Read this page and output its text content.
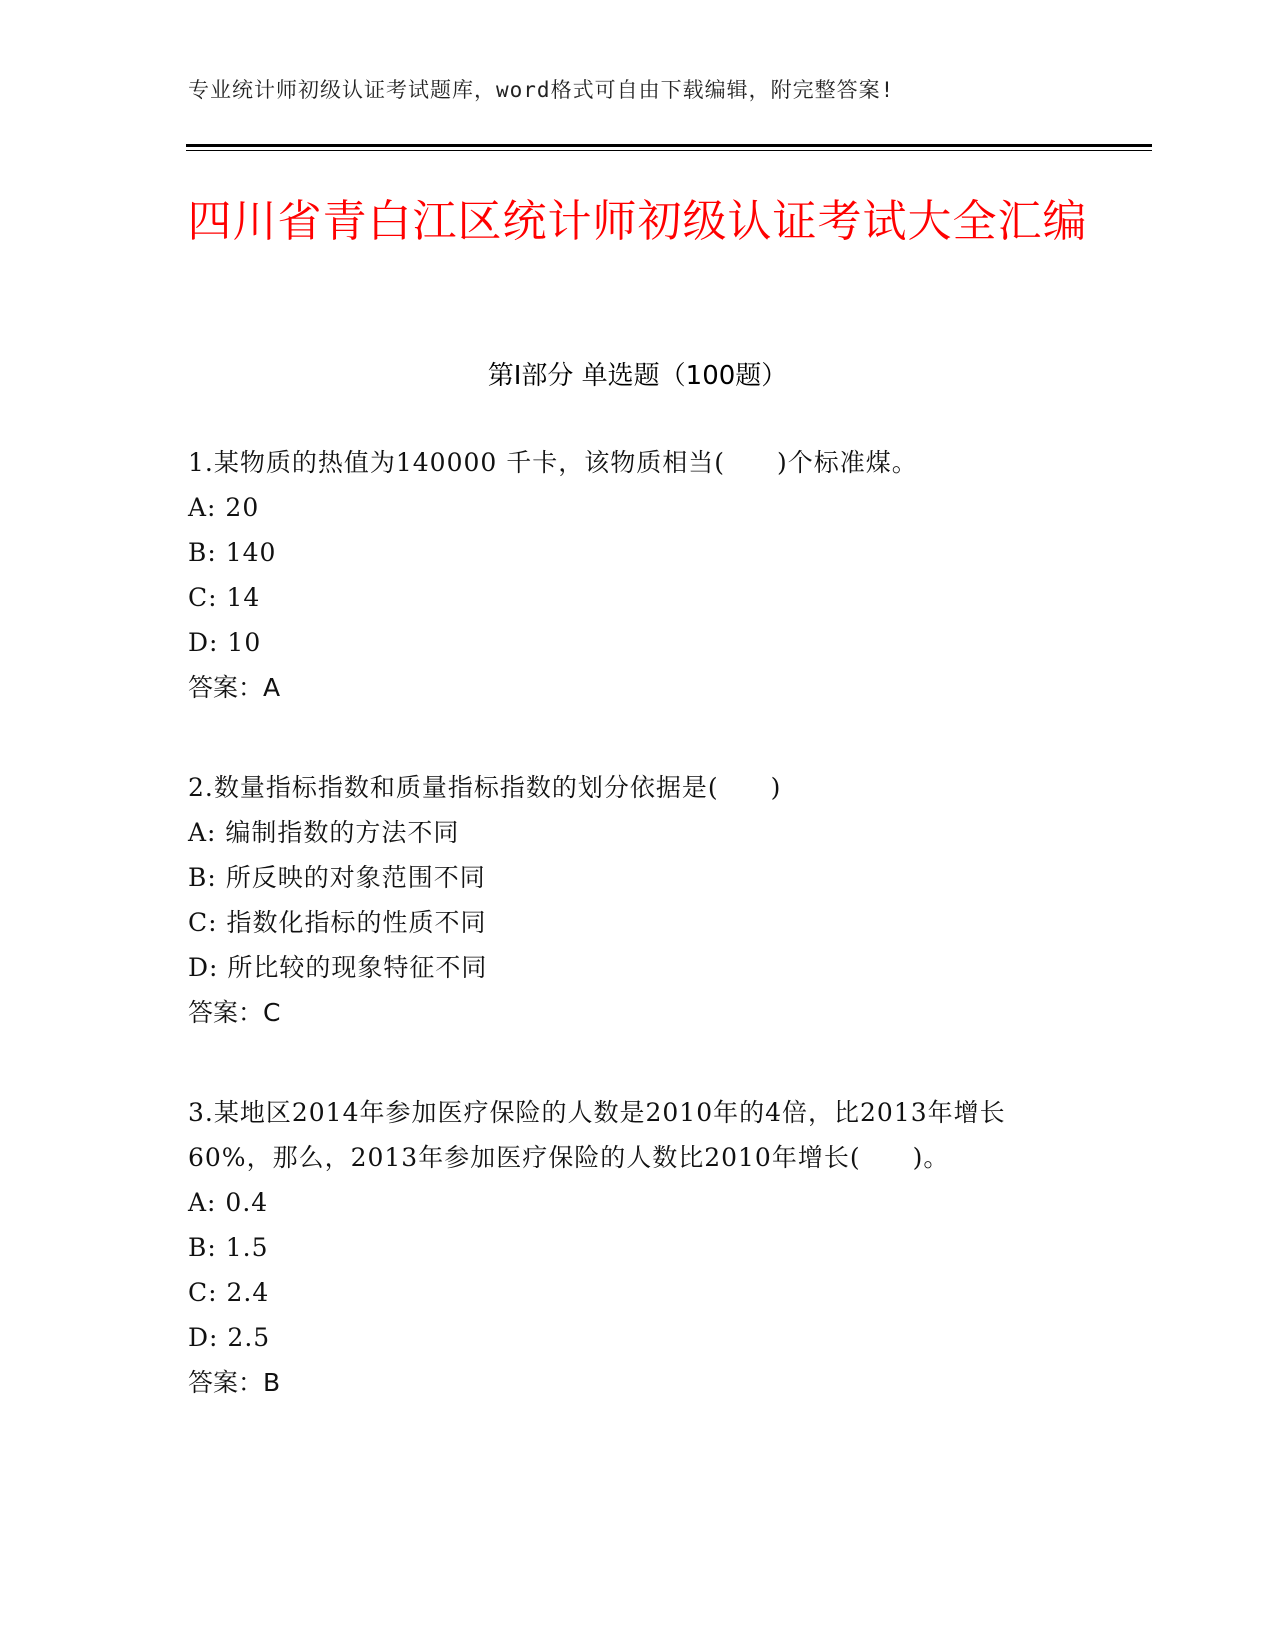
专业统计师初级认证考试题库，word格式可自由下载编辑，附完整答案!
四川省青白江区统计师初级认证考试大全汇编
第Ⅰ部分 单选题（100题）
1.某物质的热值为140000 千卡，该物质相当(　　)个标准煤。
A: 20
B: 140
C: 14
D: 10
答案：A
2.数量指标指数和质量指标指数的划分依据是(　　)
A: 编制指数的方法不同
B: 所反映的对象范围不同
C: 指数化指标的性质不同
D: 所比较的现象特征不同
答案：C
3.某地区2014年参加医疗保险的人数是2010年的4倍，比2013年增长60%，那么，2013年参加医疗保险的人数比2010年增长(　　)。
A: 0.4
B: 1.5
C: 2.4
D: 2.5
答案：B
